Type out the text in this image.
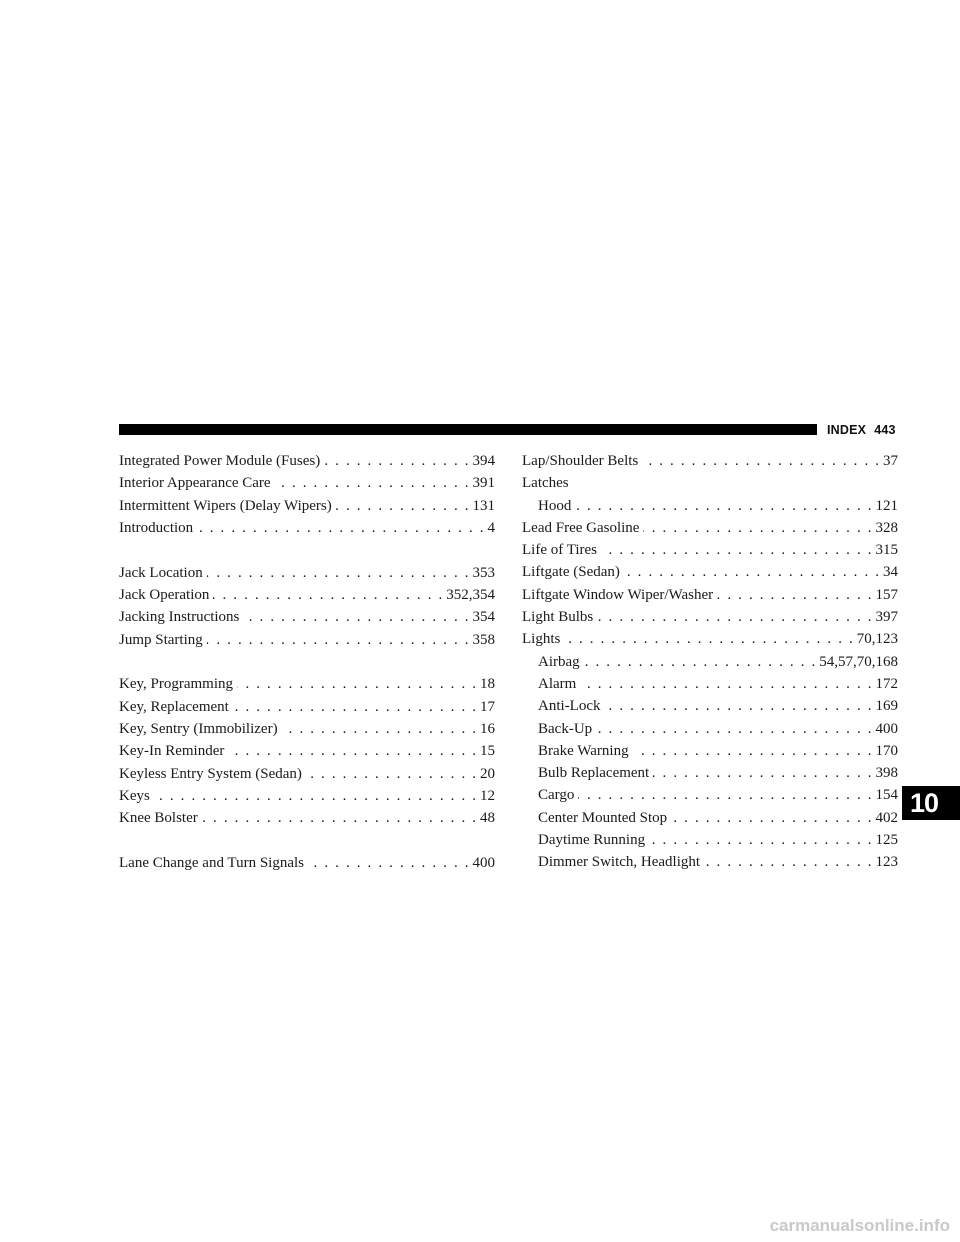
INDEX 443
Integrated Power Module (Fuses) . . .	394
Interior Appearance Care . . .	391
Intermittent Wipers (Delay Wipers) . . .	131
Introduction . . .	4
Jack Location . . .	353
Jack Operation . . .	352,354
Jacking Instructions . . .	354
Jump Starting . . .	358
Key, Programming . . .	18
Key, Replacement . . .	17
Key, Sentry (Immobilizer) . . .	16
Key-In Reminder . . .	15
Keyless Entry System (Sedan) . . .	20
Keys . . .	12
Knee Bolster . . .	48
Lane Change and Turn Signals . . .	400
Lap/Shoulder Belts . . .	37
Latches
Hood . . .	121
Lead Free Gasoline . . .	328
Life of Tires . . .	315
Liftgate (Sedan) . . .	34
Liftgate Window Wiper/Washer . . .	157
Light Bulbs . . .	397
Lights . . .	70,123
Airbag . . .	54,57,70,168
Alarm . . .	172
Anti-Lock . . .	169
Back-Up . . .	400
Brake Warning . . .	170
Bulb Replacement . . .	398
Cargo . . .	154
Center Mounted Stop . . .	402
Daytime Running . . .	125
Dimmer Switch, Headlight . . .	123
10
carmanualsonline.info
